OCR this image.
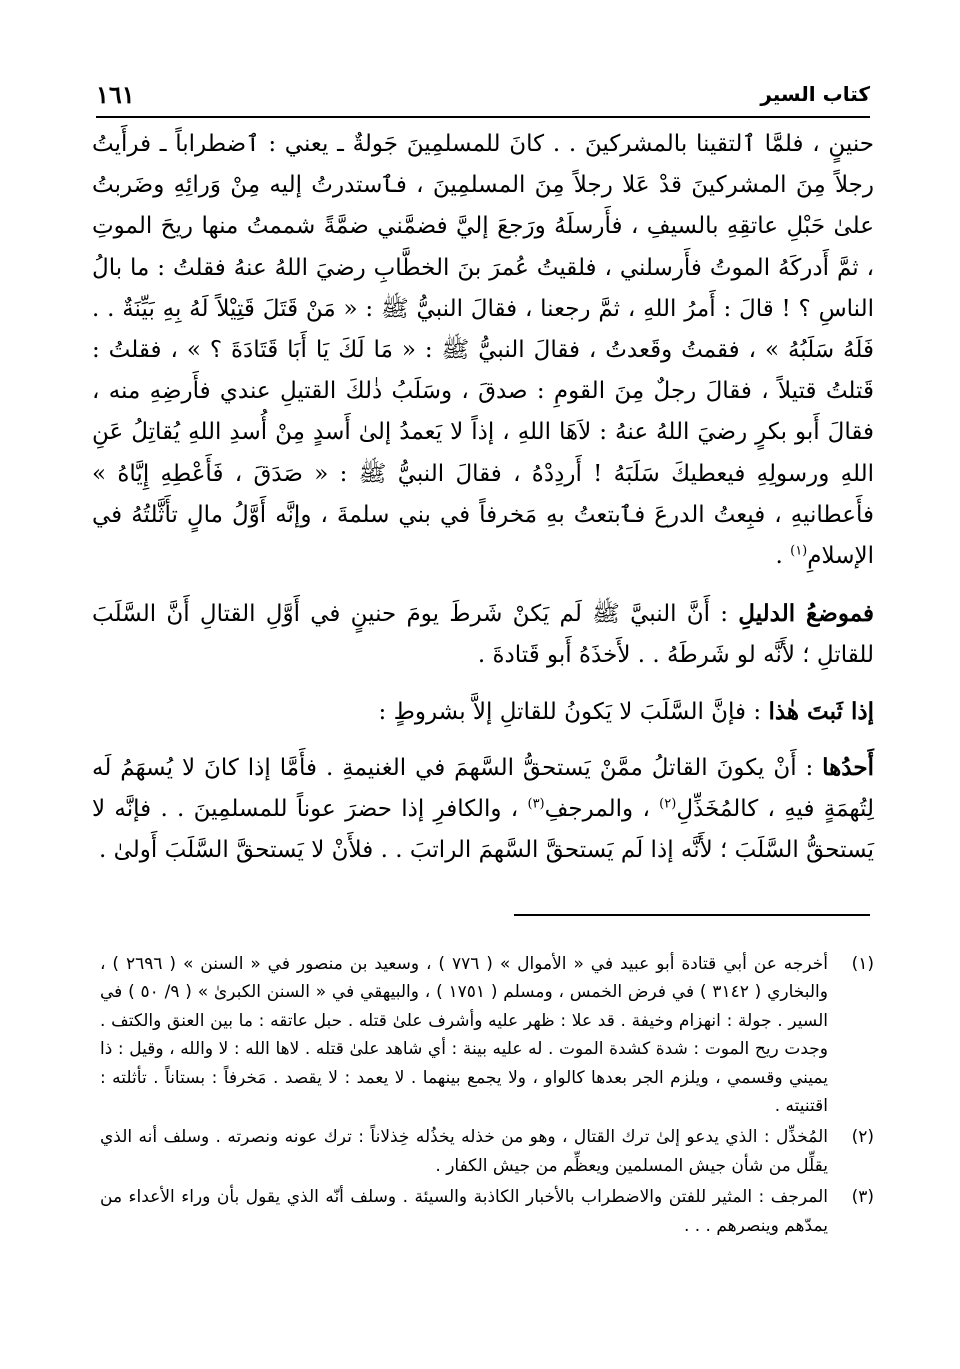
كتاب السير
١٦١

حنينٍ ، فلمَّا ٱلتقينا بالمشركينَ . . كانَ للمسلمِينَ جَولةٌ ـ يعني : ٱضطراباً ـ فرأَيتُ رجلاً مِنَ المشركينَ قدْ عَلا رجلاً مِنَ المسلمِينَ ، فٱستدرتُ إليه مِنْ وَرائِهِ وضَربتُ علىٰ حَبْلِ عاتقِهِ بالسيفِ ، فأَرسلَهُ ورَجعَ إليَّ فضمَّني ضمَّةً شممتُ منها ريحَ الموتِ ، ثمَّ أَدركَهُ الموتُ فأَرسلني ، فلقيتُ عُمرَ بنَ الخطَّابِ رضيَ اللهُ عنهُ فقلتُ : ما بالُ الناسِ ؟ ! قالَ : أَمرُ اللهِ ، ثمَّ رجعنا ، فقالَ النبيُّ ﷺ : « مَنْ قَتَلَ قَتِيْلاً لَهُ بِهِ بَيِّنَةٌ . . فَلَهُ سَلَبُهُ » ، فقمتُ وقَعدتُ ، فقالَ النبيُّ ﷺ : « مَا لَكَ يَا أَبَا قَتَادَةَ ؟ » ، فقلتُ : قَتلتُ قتيلاً ، فقالَ رجلٌ مِنَ القومِ : صدقَ ، وسَلَبُ ذٰلكَ القتيلِ عندي فأَرضِهِ منه ، فقالَ أَبو بكرٍ رضيَ اللهُ عنهُ : لاَهَا اللهِ ، إذاً لا يَعمدُ إلىٰ أَسدٍ مِنْ أُسدِ اللهِ يُقاتِلُ عَنِ اللهِ ورسولِهِ فيعطيكَ سَلَبَهُ ! أَردِدْهُ ، فقالَ النبيُّ ﷺ : « صَدَقَ ، فَأَعْطِهِ إِيَّاهُ » فأَعطانيهِ ، فبِعتُ الدرعَ فٱبتعتُ بهِ مَخرفاً في بني سلمةَ ، وإنَّه أَوَّلُ مالٍ تأَثَّلتُهُ في الإسلامِ$^{(١)}$ .

فموضعُ الدليلِ : أَنَّ النبيَّ ﷺ لَم يَكنْ شَرطَ يومَ حنينٍ في أَوَّلِ القتالِ أَنَّ السَّلَبَ للقاتلِ ؛ لأَنَّه لو شَرطَهُ . . لأَخذَهُ أَبو قَتادةَ .

إذا ثَبتَ هٰذا : فإنَّ السَّلَبَ لا يَكونُ للقاتلِ إلاَّ بشروطٍ :

أَحدُها : أَنْ يكونَ القاتلُ ممَّنْ يَستحقُّ السَّهمَ في الغنيمةِ . فأَمَّا إذا كانَ لا يُسهَمُ لَه لِتُهمَةٍ فيهِ ، كالمُخَذِّلِ$^{(٢)}$ ، والمرجفِ$^{(٣)}$ ، والكافرِ إذا حضرَ عوناً للمسلمِينَ . . فإنَّه لا يَستحقُّ السَّلَبَ ؛ لأَنَّه إذا لَم يَستحقَّ السَّهمَ الراتبَ . . فلأَنْ لا يَستحقَّ السَّلَبَ أَولىٰ .

(١)
أخرجه عن أبي قتادة أبو عبيد في « الأموال » ( ٧٧٦ ) ، وسعيد بن منصور في « السنن » ( ٢٦٩٦ ) ، والبخاري ( ٣١٤٢ ) في فرض الخمس ، ومسلم ( ١٧٥١ ) ، والبيهقي في « السنن الكبرىٰ » ( ٩/ ٥٠ ) في السير . جولة : انهزام وخيفة . قد علا : ظهر عليه وأشرف علىٰ قتله . حبل عاتقه : ما بين العنق والكتف . وجدت ريح الموت : شدة كشدة الموت . له عليه بينة : أي شاهد علىٰ قتله . لاها الله : لا والله ، وقيل : ذا يميني وقسمي ، ويلزم الجر بعدها كالواو ، ولا يجمع بينهما . لا يعمد : لا يقصد . مَخرفاً : بستاناً . تأثلته : اقتنيته .
(٢)
المُخذِّل : الذي يدعو إلىٰ ترك القتال ، وهو من خذله يخذُله خِذلاناً : ترك عونه ونصرته . وسلف أنه الذي يقلِّل من شأن جيش المسلمين ويعظِّم من جيش الكفار .
(٣)
المرجف : المثير للفتن والاضطراب بالأخبار الكاذبة والسيئة . وسلف أنّه الذي يقول بأن وراء الأعداء من يمدّهم وينصرهم . . .
